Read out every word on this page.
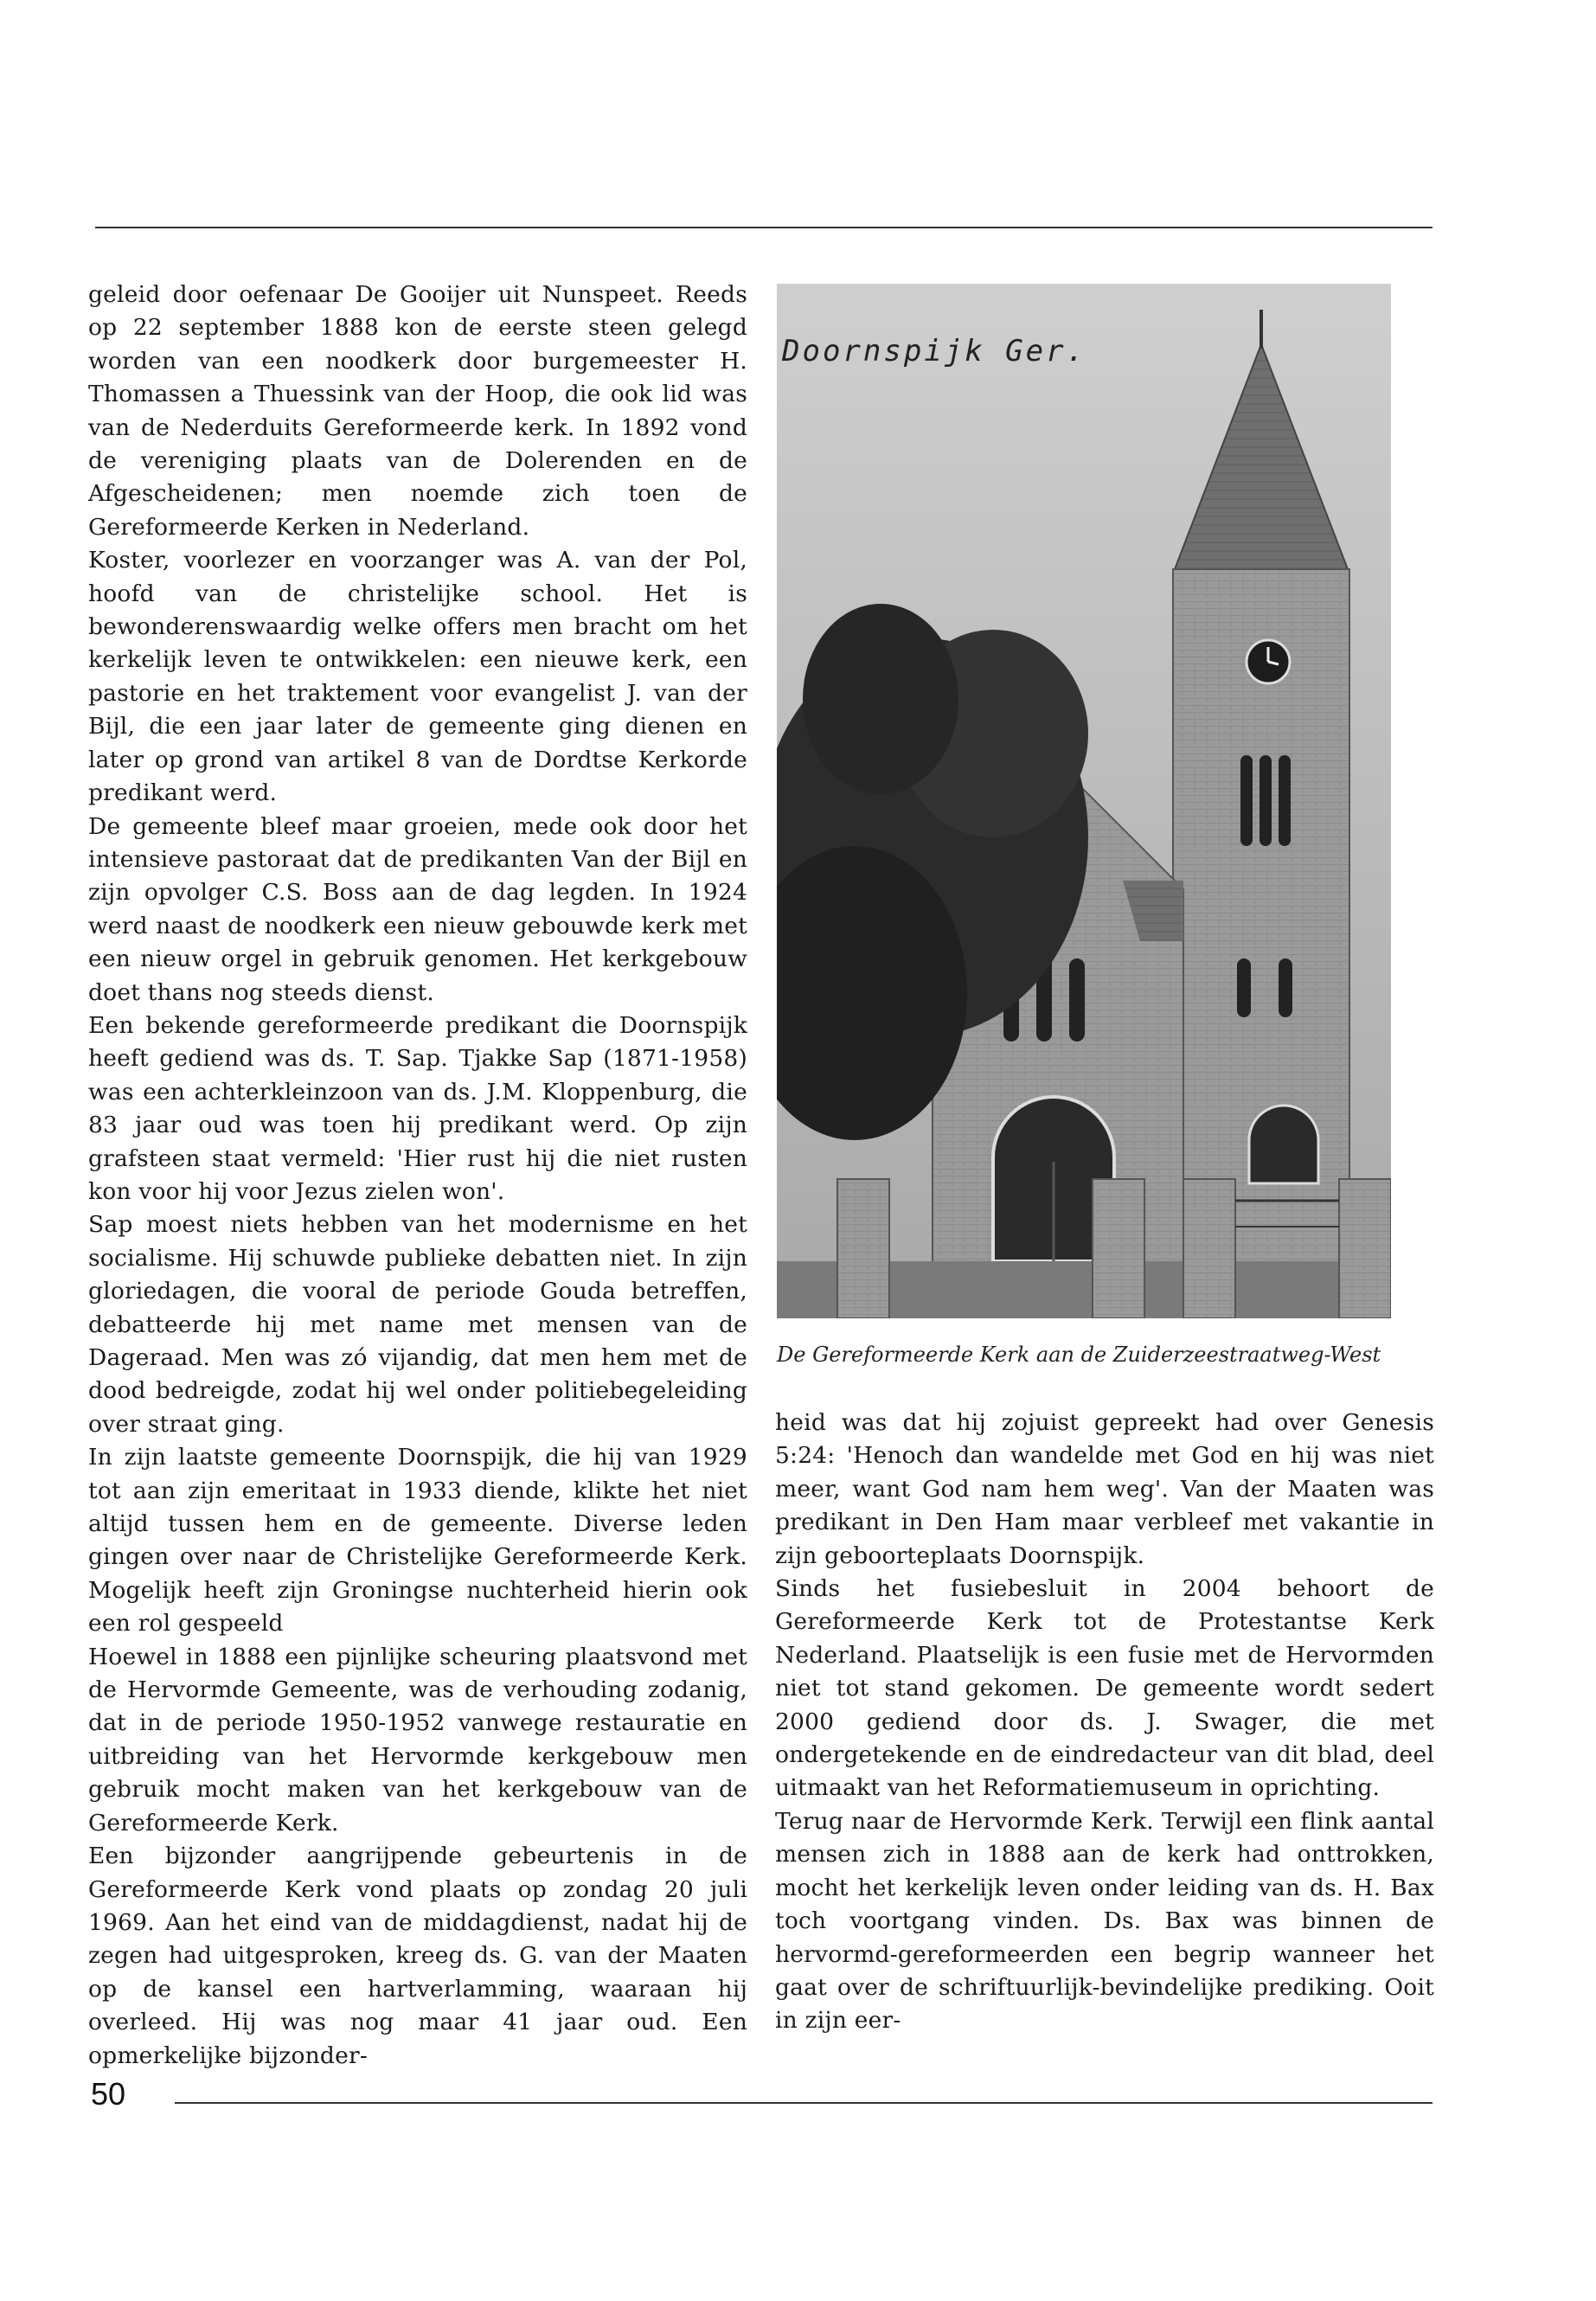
geleid door oefenaar De Gooijer uit Nunspeet. Reeds op 22 september 1888 kon de eerste steen gelegd worden van een noodkerk door burgemeester H. Thomassen a Thuessink van der Hoop, die ook lid was van de Nederduits Gereformeerde kerk. In 1892 vond de vereniging plaats van de Dolerenden en de Afgescheidenen; men noemde zich toen de Gereformeerde Kerken in Nederland.

Koster, voorlezer en voorzanger was A. van der Pol, hoofd van de christelijke school. Het is bewonderenswaardig welke offers men bracht om het kerkelijk leven te ontwikkelen: een nieuwe kerk, een pastorie en het traktement voor evangelist J. van der Bijl, die een jaar later de gemeente ging dienen en later op grond van artikel 8 van de Dordtse Kerkorde predikant werd.

De gemeente bleef maar groeien, mede ook door het intensieve pastoraat dat de predikanten Van der Bijl en zijn opvolger C.S. Boss aan de dag legden. In 1924 werd naast de noodkerk een nieuw gebouwde kerk met een nieuw orgel in gebruik genomen. Het kerkgebouw doet thans nog steeds dienst.

Een bekende gereformeerde predikant die Doornspijk heeft gediend was ds. T. Sap. Tjakke Sap (1871-1958) was een achterkleinzoon van ds. J.M. Kloppenburg, die 83 jaar oud was toen hij predikant werd. Op zijn grafsteen staat vermeld: 'Hier rust hij die niet rusten kon voor hij voor Jezus zielen won'.

Sap moest niets hebben van het modernisme en het socialisme. Hij schuwde publieke debatten niet. In zijn gloriedagen, die vooral de periode Gouda betreffen, debatteerde hij met name met mensen van de Dageraad. Men was zó vijandig, dat men hem met de dood bedreigde, zodat hij wel onder politiebegeleiding over straat ging.

In zijn laatste gemeente Doornspijk, die hij van 1929 tot aan zijn emeritaat in 1933 diende, klikte het niet altijd tussen hem en de gemeente. Diverse leden gingen over naar de Christelijke Gereformeerde Kerk. Mogelijk heeft zijn Groningse nuchterheid hierin ook een rol gespeeld

Hoewel in 1888 een pijnlijke scheuring plaatsvond met de Hervormde Gemeente, was de verhouding zodanig, dat in de periode 1950-1952 vanwege restauratie en uitbreiding van het Hervormde kerkgebouw men gebruik mocht maken van het kerkgebouw van de Gereformeerde Kerk.

Een bijzonder aangrijpende gebeurtenis in de Gereformeerde Kerk vond plaats op zondag 20 juli 1969. Aan het eind van de middagdienst, nadat hij de zegen had uitgesproken, kreeg ds. G. van der Maaten op de kansel een hartverlamming, waaraan hij overleed. Hij was nog maar 41 jaar oud. Een opmerkelijke bijzonder-

Doornspijk Ger.
De Gereformeerde Kerk aan de Zuiderzeestraatweg-West

heid was dat hij zojuist gepreekt had over Genesis 5:24: 'Henoch dan wandelde met God en hij was niet meer, want God nam hem weg'. Van der Maaten was predikant in Den Ham maar verbleef met vakantie in zijn geboorteplaats Doornspijk.

Sinds het fusiebesluit in 2004 behoort de Gereformeerde Kerk tot de Protestantse Kerk Nederland. Plaatselijk is een fusie met de Hervormden niet tot stand gekomen. De gemeente wordt sedert 2000 gediend door ds. J. Swager, die met ondergetekende en de eindredacteur van dit blad, deel uitmaakt van het Reformatiemuseum in oprichting.

Terug naar de Hervormde Kerk. Terwijl een flink aantal mensen zich in 1888 aan de kerk had onttrokken, mocht het kerkelijk leven onder leiding van ds. H. Bax toch voortgang vinden. Ds. Bax was binnen de hervormd-gereformeerden een begrip wanneer het gaat over de schriftuurlijk-bevindelijke prediking. Ooit in zijn eer-

50
